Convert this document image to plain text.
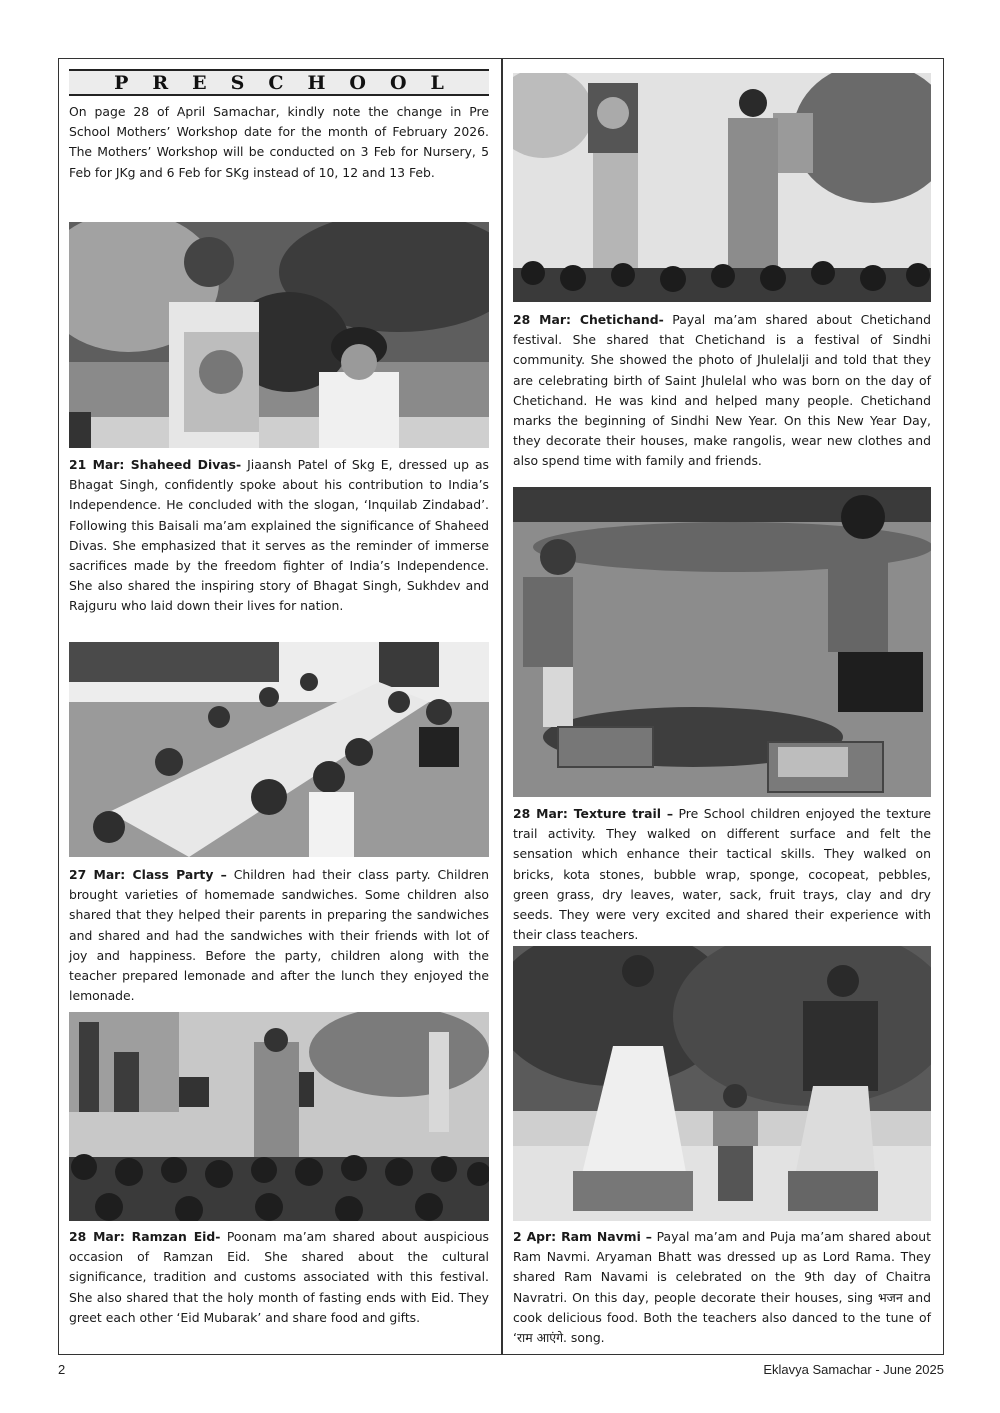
PRESCHOOL

On page 28 of April Samachar, kindly note the change in Pre School Mothers’ Workshop date for the month of February 2026. The Mothers’ Workshop will be conducted on 3 Feb for Nursery, 5 Feb for JKg and 6 Feb for SKg instead of 10, 12 and 13 Feb.

21 Mar: Shaheed Divas- Jiaansh Patel of Skg E, dressed up as Bhagat Singh, confidently spoke about his contribution to India’s Independence. He concluded with the slogan, ‘Inquilab Zindabad’. Following this Baisali ma’am explained the significance of Shaheed Divas. She emphasized that it serves as the reminder of immerse sacrifices made by the freedom fighter of India’s Independence. She also shared the inspiring story of Bhagat Singh, Sukhdev and Rajguru who laid down their lives for nation.

27 Mar: Class Party – Children had their class party. Children brought varieties of homemade sandwiches. Some children also shared that they helped their parents in preparing the sandwiches and shared and had the sandwiches with their friends with lot of joy and happiness. Before the party, children along with the teacher prepared lemonade and after the lunch they enjoyed the lemonade.

28 Mar: Ramzan Eid- Poonam ma’am shared about auspicious occasion of Ramzan Eid. She shared about the cultural significance, tradition and customs associated with this festival. She also shared that the holy month of fasting ends with Eid. They greet each other ‘Eid Mubarak’ and share food and gifts.

28 Mar: Chetichand- Payal ma’am shared about Chetichand festival. She shared that Chetichand is a festival of Sindhi community. She showed the photo of Jhulelalji and told that they are celebrating birth of Saint Jhulelal who was born on the day of Chetichand. He was kind and helped many people. Chetichand marks the beginning of Sindhi New Year. On this New Year Day, they decorate their houses, make rangolis, wear new clothes and also spend time with family and friends.

28 Mar: Texture trail – Pre School children enjoyed the texture trail activity. They walked on different surface and felt the sensation which enhance their tactical skills. They walked on bricks, kota stones, bubble wrap, sponge, cocopeat, pebbles, green grass, dry leaves, water, sack, fruit trays, clay and dry seeds. They were very excited and shared their experience with their class teachers.

2 Apr: Ram Navmi – Payal ma’am and Puja ma’am shared about Ram Navmi. Aryaman Bhatt was dressed up as Lord Rama. They shared Ram Navami is celebrated on the 9th day of Chaitra Navratri. On this day, people decorate their houses, sing भजन and cook delicious food. Both the teachers also danced to the tune of ‘राम आएंगे. song.

2	Eklavya Samachar - June 2025
